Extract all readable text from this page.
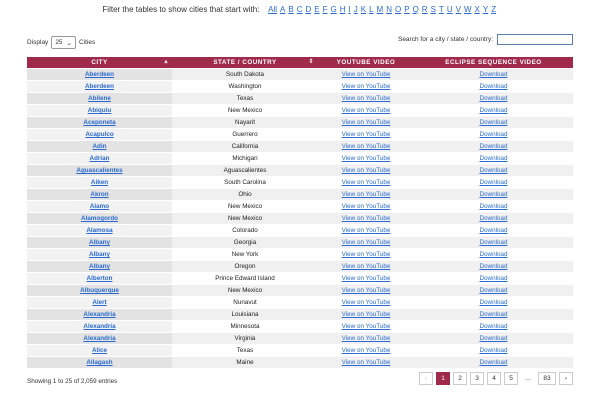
Filter the tables to show cities that start with: All A B C D E F G H I J K L M N O P Q R S T U V W X Y Z
Display 25 ⌄ Cities	Search for a city / state / country:
CITY ▴	STATE / COUNTRY ⇕	YOUTUBE VIDEO	ECLIPSE SEQUENCE VIDEO
Aberdeen	South Dakota	View on YouTube	Download
Aberdeen	Washington	View on YouTube	Download
Abilene	Texas	View on YouTube	Download
Abiquiu	New Mexico	View on YouTube	Download
Aceponeta	Nayarit	View on YouTube	Download
Acapulco	Guerrero	View on YouTube	Download
Adin	California	View on YouTube	Download
Adrian	Michigan	View on YouTube	Download
Aguascalientes	Aguascalientes	View on YouTube	Download
Aiken	South Carolina	View on YouTube	Download
Akron	Ohio	View on YouTube	Download
Alamo	New Mexico	View on YouTube	Download
Alamogordo	New Mexico	View on YouTube	Download
Alamosa	Colorado	View on YouTube	Download
Albany	Georgia	View on YouTube	Download
Albany	New York	View on YouTube	Download
Albany	Oregon	View on YouTube	Download
Alberton	Prince Edward Island	View on YouTube	Download
Albuquerque	New Mexico	View on YouTube	Download
Alert	Nunavut	View on YouTube	Download
Alexandria	Louisiana	View on YouTube	Download
Alexandria	Minnesota	View on YouTube	Download
Alexandria	Virginia	View on YouTube	Download
Alice	Texas	View on YouTube	Download
Allagash	Maine	View on YouTube	Download
Showing 1 to 25 of 2,059 entries	‹	1	2	3	4	5	…	83	›
